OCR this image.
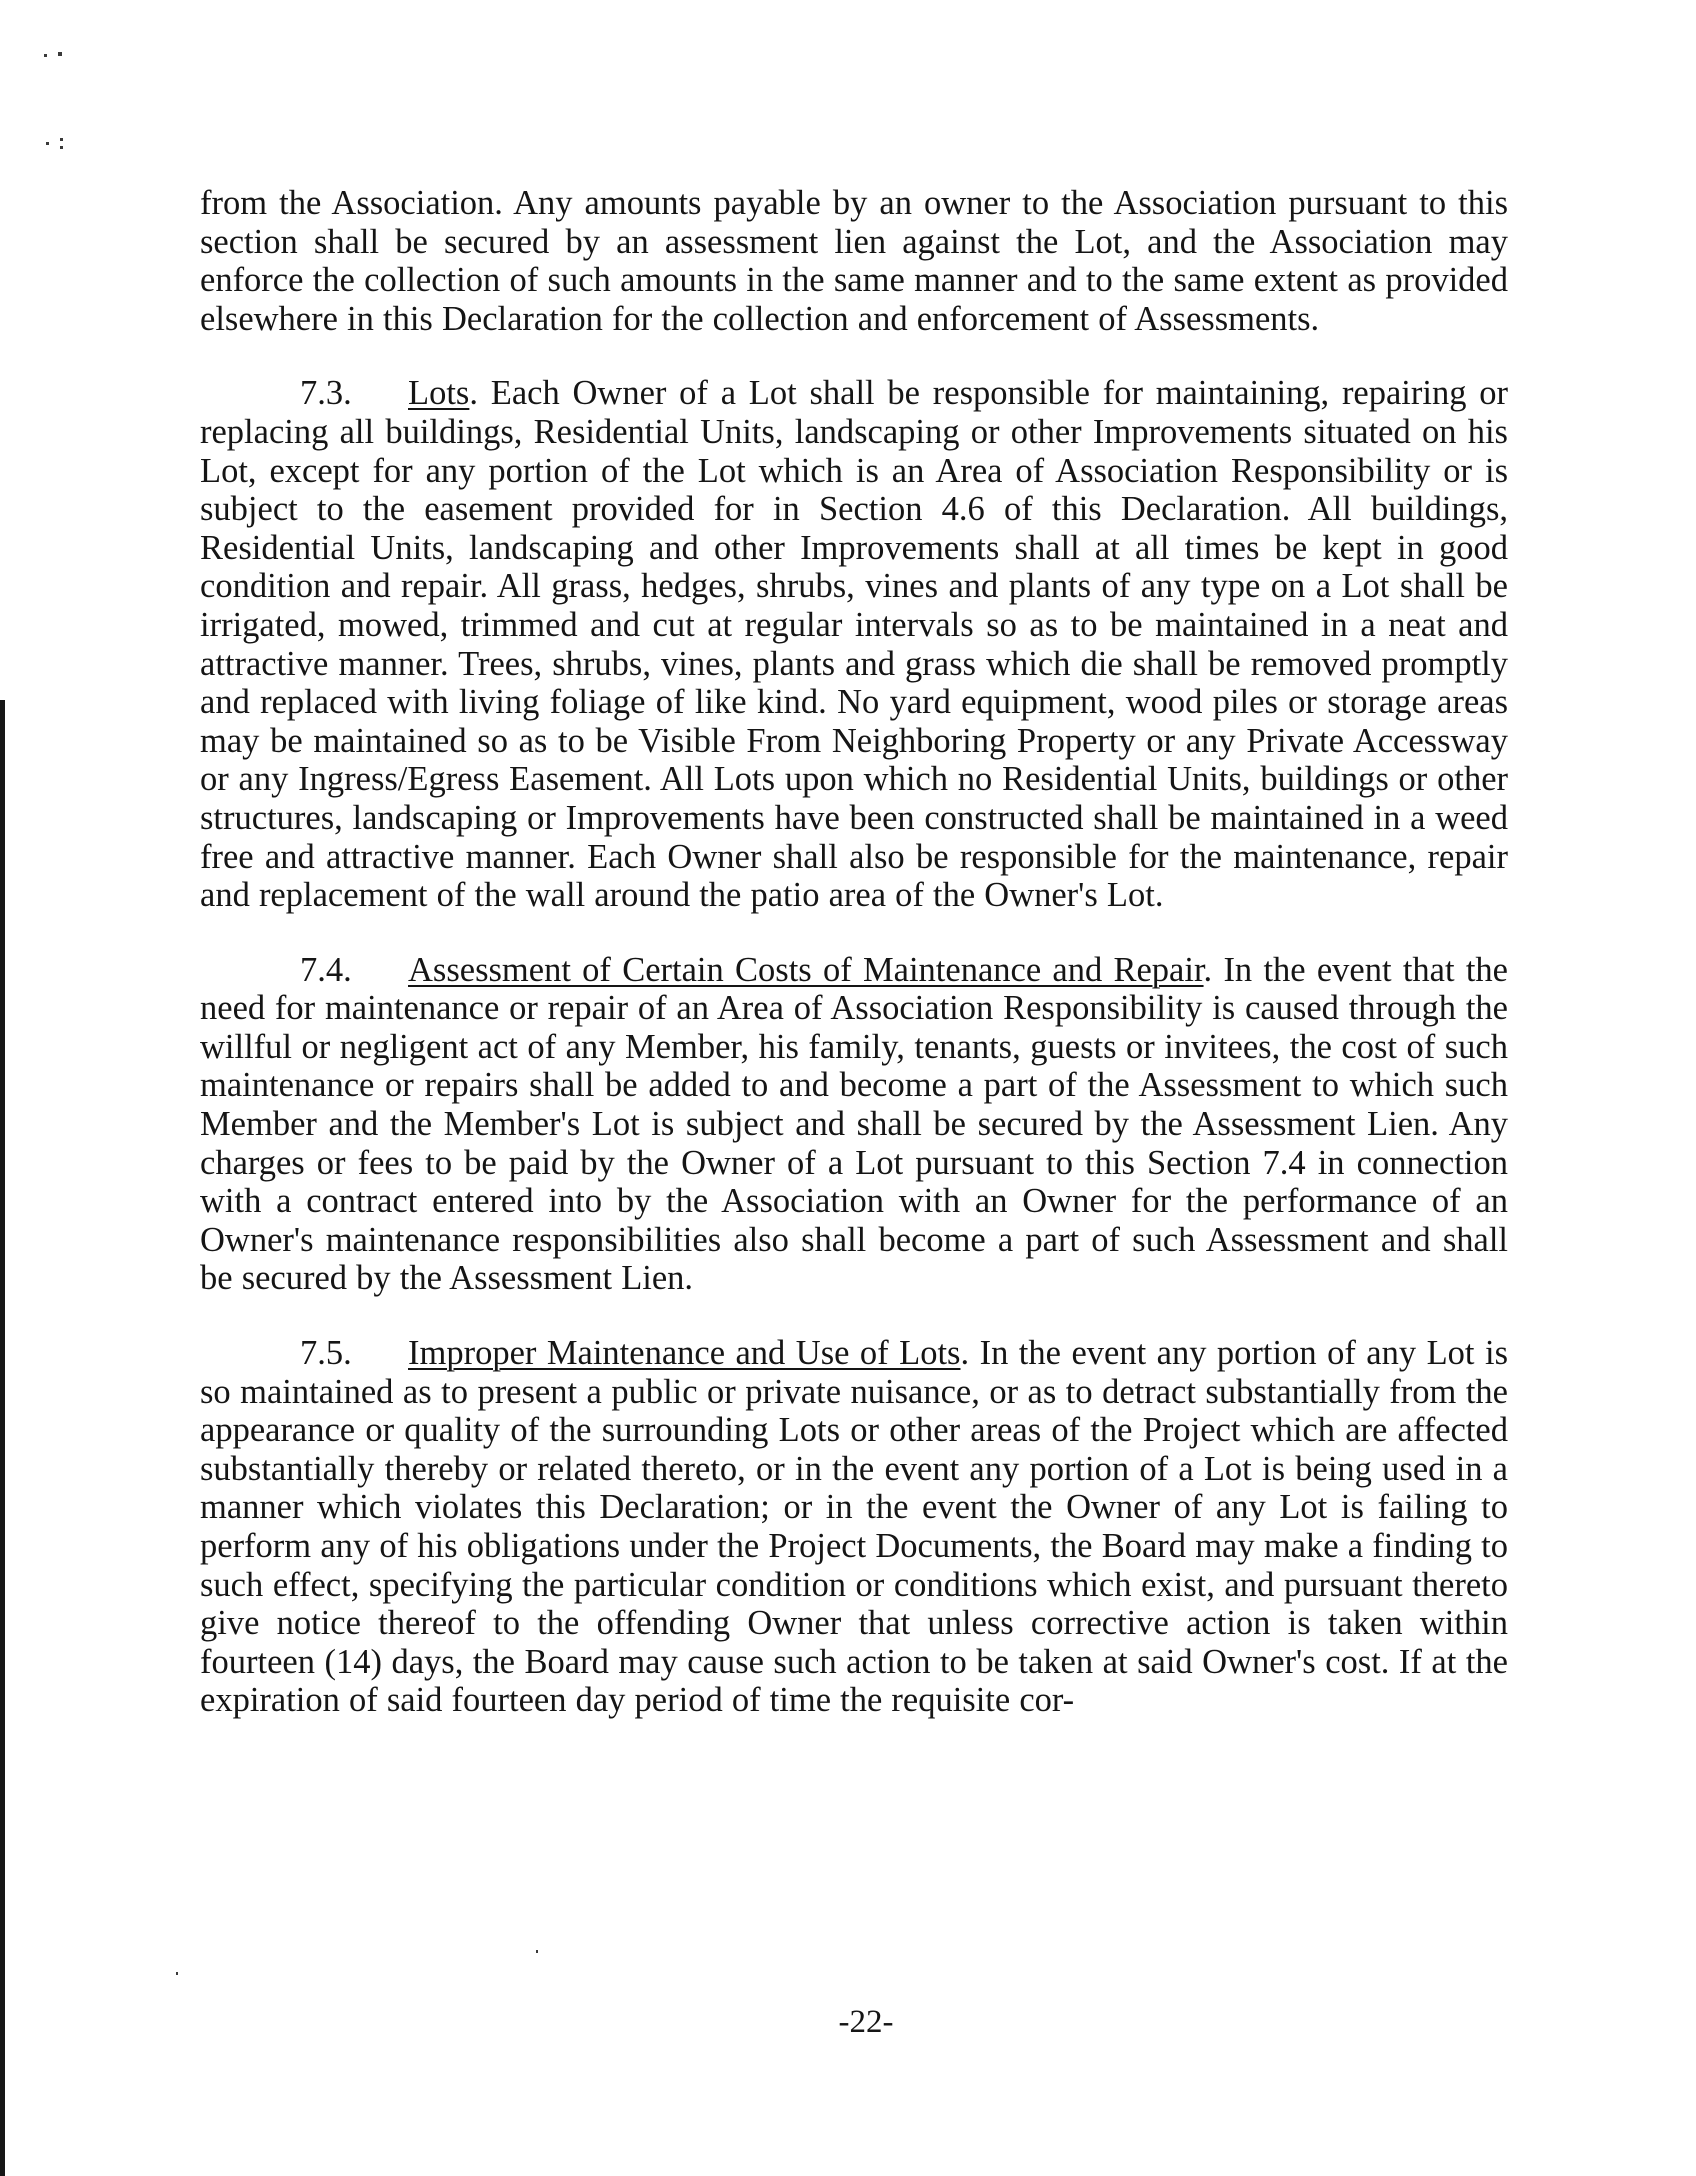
from the Association. Any amounts payable by an owner to the Association pursuant to this section shall be secured by an assessment lien against the Lot, and the Association may enforce the collection of such amounts in the same manner and to the same extent as provided elsewhere in this Declaration for the collection and enforcement of Assessments.

7.3. Lots. Each Owner of a Lot shall be responsible for maintaining, repairing or replacing all buildings, Residential Units, landscaping or other Improvements situated on his Lot, except for any portion of the Lot which is an Area of Association Responsibility or is subject to the easement provided for in Section 4.6 of this Declaration. All buildings, Residential Units, landscaping and other Improvements shall at all times be kept in good condition and repair. All grass, hedges, shrubs, vines and plants of any type on a Lot shall be irrigated, mowed, trimmed and cut at regular intervals so as to be maintained in a neat and attractive manner. Trees, shrubs, vines, plants and grass which die shall be removed promptly and replaced with living foliage of like kind. No yard equipment, wood piles or storage areas may be maintained so as to be Visible From Neighboring Property or any Private Accessway or any Ingress/Egress Easement. All Lots upon which no Residential Units, buildings or other structures, landscaping or Improvements have been constructed shall be maintained in a weed free and attractive manner. Each Owner shall also be responsible for the maintenance, repair and replacement of the wall around the patio area of the Owner's Lot.

7.4. Assessment of Certain Costs of Maintenance and Repair. In the event that the need for maintenance or repair of an Area of Association Responsibility is caused through the willful or negligent act of any Member, his family, tenants, guests or invitees, the cost of such maintenance or repairs shall be added to and become a part of the Assessment to which such Member and the Member's Lot is subject and shall be secured by the Assessment Lien. Any charges or fees to be paid by the Owner of a Lot pursuant to this Section 7.4 in connection with a contract entered into by the Association with an Owner for the performance of an Owner's maintenance responsibilities also shall become a part of such Assessment and shall be secured by the Assessment Lien.

7.5. Improper Maintenance and Use of Lots. In the event any portion of any Lot is so maintained as to present a public or private nuisance, or as to detract substantially from the appearance or quality of the surrounding Lots or other areas of the Project which are affected substantially thereby or related thereto, or in the event any portion of a Lot is being used in a manner which violates this Declaration; or in the event the Owner of any Lot is failing to perform any of his obligations under the Project Documents, the Board may make a finding to such effect, specifying the particular condition or conditions which exist, and pursuant thereto give notice thereof to the offending Owner that unless corrective action is taken within fourteen (14) days, the Board may cause such action to be taken at said Owner's cost. If at the expiration of said fourteen day period of time the requisite cor-

-22-
